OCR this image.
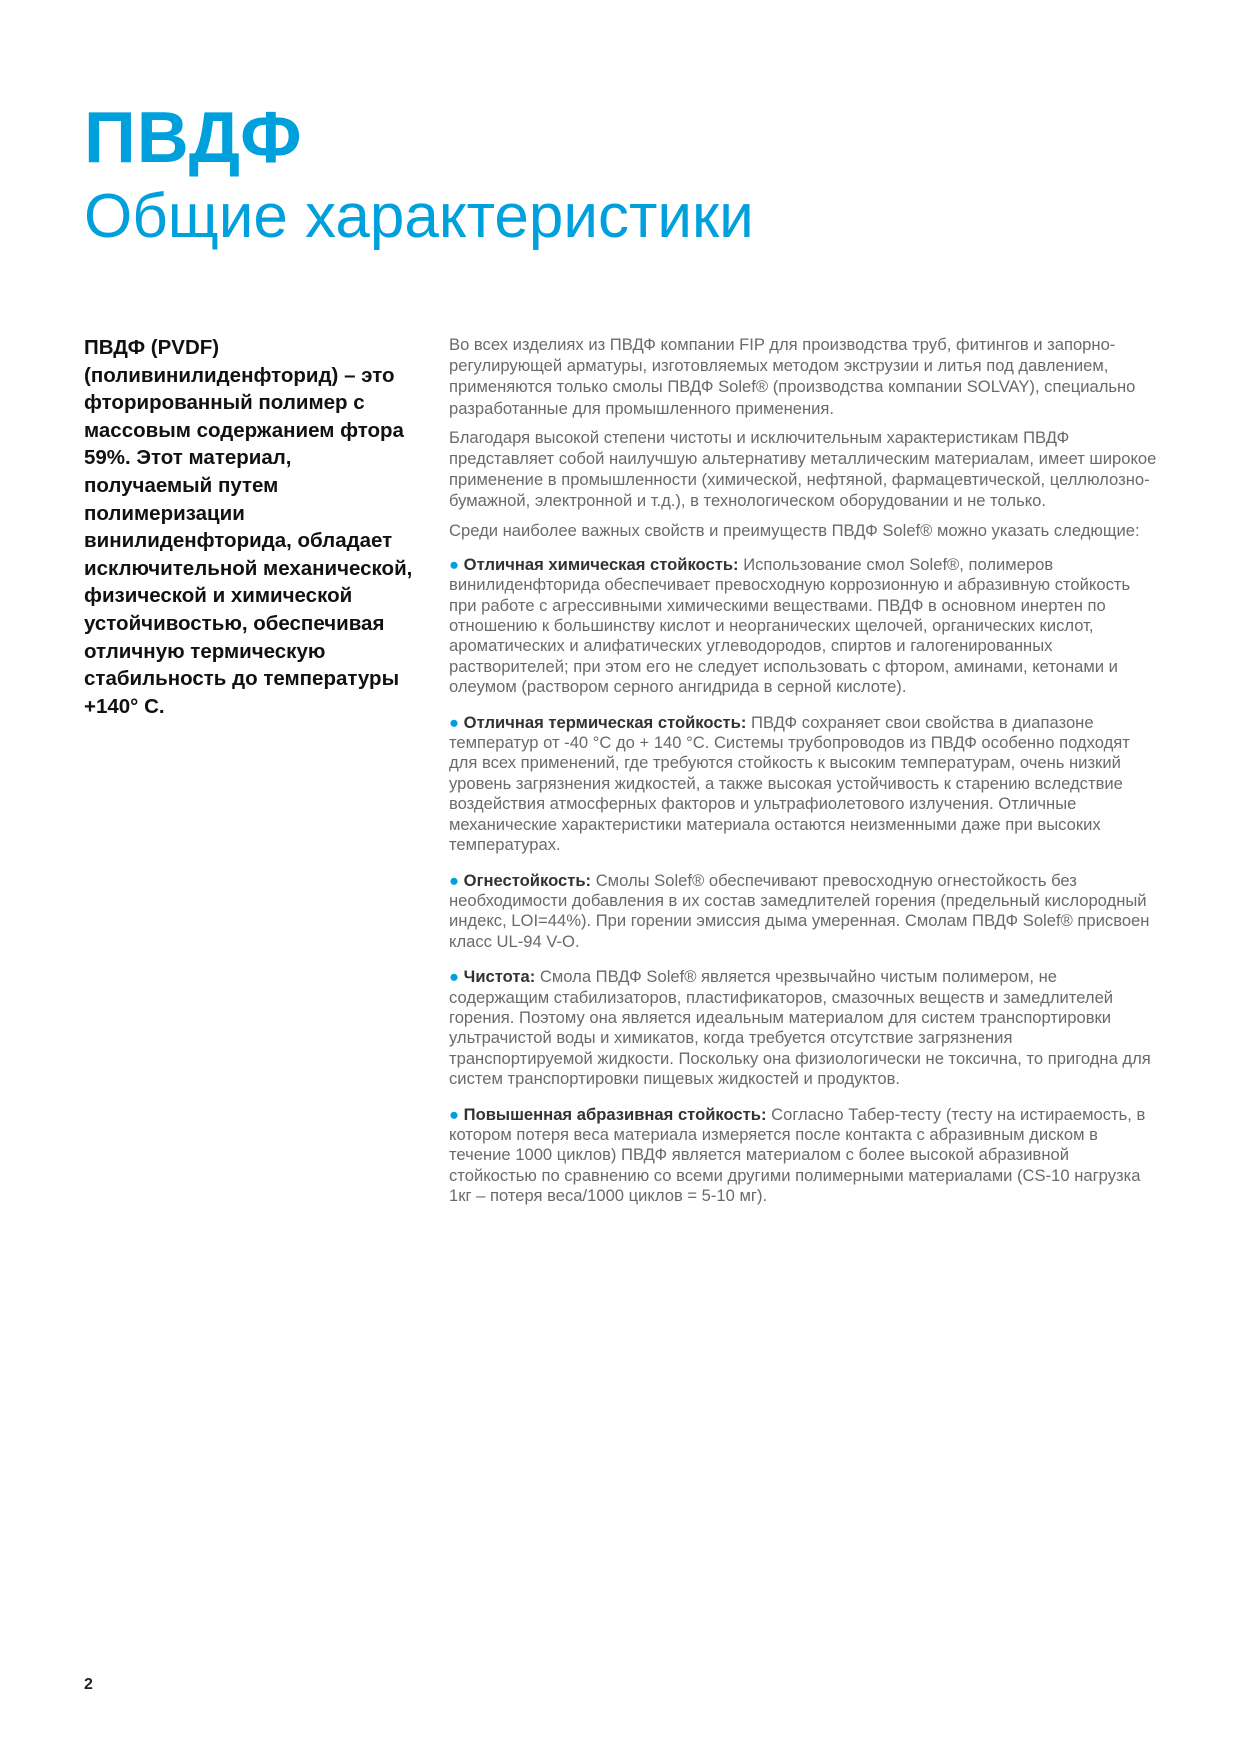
ПВДФ
Общие характеристики

ПВДФ (PVDF) (поливинилиденфторид) – это фторированный полимер с массовым содержанием фтора 59%. Этот материал, получаемый путем полимеризации винилиденфторида, обладает исключительной механической, физической и химической устойчивостью, обеспечивая отличную термическую стабильность до температуры +140° С.

Во всех изделиях из ПВДФ компании FIP для производства труб, фитингов и запорно-регулирующей арматуры, изготовляемых методом экструзии и литья под давлением, применяются только смолы ПВДФ Solef® (производства компании SOLVAY), специально разработанные для промышленного применения.

Благодаря высокой степени чистоты и исключительным характеристикам ПВДФ представляет собой наилучшую альтернативу металлическим материалам, имеет широкое применение в промышленности (химической, нефтяной, фармацевтической, целлюлозно-бумажной, электронной и т.д.), в технологическом оборудовании и не только.

Среди наиболее важных свойств и преимуществ ПВДФ Solef® можно указать следющие:

● Отличная химическая стойкость: Использование смол Solef®, полимеров винилиденфторида обеспечивает превосходную коррозионную и абразивную стойкость при работе с агрессивными химическими веществами. ПВДФ в основном инертен по отношению к большинству кислот и неорганических щелочей, органических кислот, ароматических и алифатических углеводородов, спиртов и галогенированных растворителей; при этом его не следует использовать с фтором, аминами, кетонами и олеумом (раствором серного ангидрида в серной кислоте).

● Отличная термическая стойкость: ПВДФ сохраняет свои свойства в диапазоне температур от -40 °С до + 140 °С. Системы трубопроводов из ПВДФ особенно подходят для всех применений, где требуются стойкость к высоким температурам, очень низкий уровень загрязнения жидкостей, а также высокая устойчивость к старению вследствие воздействия атмосферных факторов и ультрафиолетового излучения. Отличные механические характеристики материала остаются неизменными даже при высоких температурах.

● Огнестойкость: Смолы Solef® обеспечивают превосходную огнестойкость без необходимости добавления в их состав замедлителей горения (предельный кислородный индекс, LOI=44%). При горении эмиссия дыма умеренная. Смолам ПВДФ Solef® присвоен класс UL-94 V-O.

● Чистота: Смола ПВДФ Solef® является чрезвычайно чистым полимером, не содержащим стабилизаторов, пластификаторов, смазочных веществ и замедлителей горения. Поэтому она является идеальным материалом для систем транспортировки ультрачистой воды и химикатов, когда требуется отсутствие загрязнения транспортируемой жидкости. Поскольку она физиологически не токсична, то пригодна для систем транспортировки пищевых жидкостей и продуктов.

● Повышенная абразивная стойкость: Согласно Табер-тесту (тесту на истираемость, в котором потеря веса материала измеряется после контакта с абразивным диском в течение 1000 циклов) ПВДФ является материалом с более высокой абразивной стойкостью по сравнению со всеми другими полимерными материалами (CS-10 нагрузка 1кг – потеря веса/1000 циклов = 5-10 мг).

2
